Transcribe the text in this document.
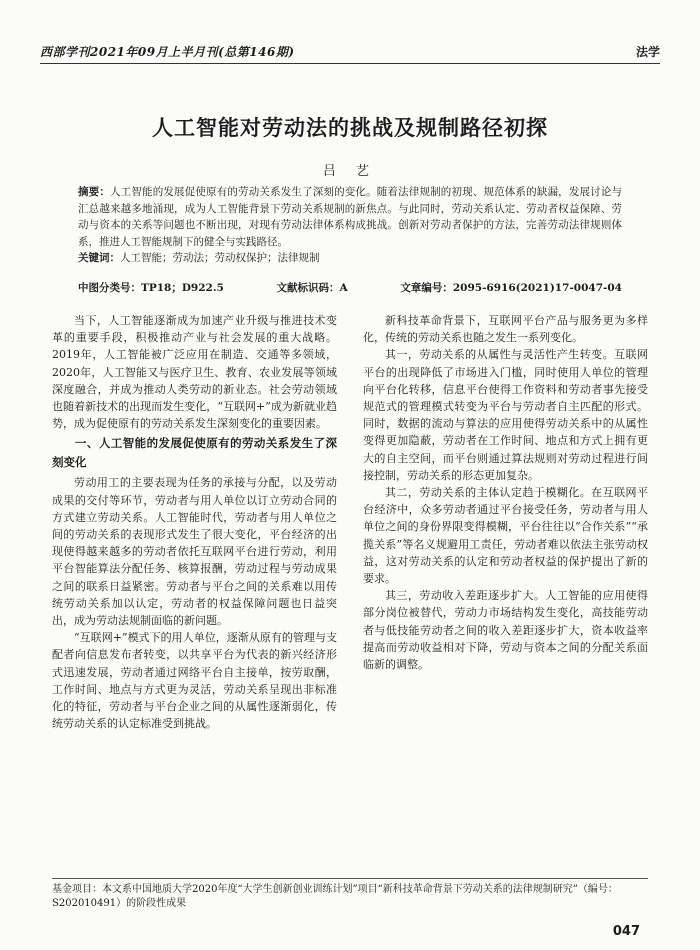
西部学刊2021年09月上半月刊(总第146期)	法学
人工智能对劳动法的挑战及规制路径初探
吕 艺
摘要：人工智能的发展促使原有的劳动关系发生了深刻的变化。随着法律规制的初现、规范体系的缺漏，发展讨论与汇总越来越多地涌现，成为人工智能背景下劳动关系规制的新焦点。与此同时，劳动关系认定、劳动者权益保障、劳动与资本的关系等问题也不断出现，对现有劳动法律体系构成挑战。创新对劳动者保护的方法，完善劳动法律规则体系，推进人工智能规制下的健全与实践路径。
关键词：人工智能；劳动法；劳动权保护；法律规制
中图分类号：TP18；D922.5	文献标识码：A	文章编号：2095-6916(2021)17-0047-04

当下，人工智能逐渐成为加速产业升级与推进技术变革的重要手段，积极推动产业与社会发展的重大战略。2019年，人工智能被广泛应用在制造、交通等多领域，2020年，人工智能又与医疗卫生、教育、农业发展等领域深度融合，并成为推动人类劳动的新业态。社会劳动领域也随着新技术的出现而发生变化，“互联网+”成为新就业趋势，成为促使原有的劳动关系发生深刻变化的重要因素。

一、人工智能的发展促使原有的劳动关系发生了深刻变化

劳动用工的主要表现为任务的承接与分配，以及劳动成果的交付等环节，劳动者与用人单位以订立劳动合同的方式建立劳动关系。人工智能时代，劳动者与用人单位之间的劳动关系的表现形式发生了很大变化，平台经济的出现使得越来越多的劳动者依托互联网平台进行劳动，利用平台智能算法分配任务、核算报酬，劳动过程与劳动成果之间的联系日益紧密。劳动者与平台之间的关系难以用传统劳动关系加以认定，劳动者的权益保障问题也日益突出，成为劳动法规制面临的新问题。

“互联网+”模式下的用人单位，逐渐从原有的管理与支配者向信息发布者转变，以共享平台为代表的新兴经济形式迅速发展，劳动者通过网络平台自主接单，按劳取酬，工作时间、地点与方式更为灵活，劳动关系呈现出非标准化的特征，劳动者与平台企业之间的从属性逐渐弱化，传统劳动关系的认定标准受到挑战。

新科技革命背景下，互联网平台产品与服务更为多样化，传统的劳动关系也随之发生一系列变化。

其一，劳动关系的从属性与灵活性产生转变。互联网平台的出现降低了市场进入门槛，同时使用人单位的管理向平台化转移，信息平台使得工作资料和劳动者事先接受规范式的管理模式转变为平台与劳动者自主匹配的形式。同时，数据的流动与算法的应用使得劳动关系中的从属性变得更加隐蔽，劳动者在工作时间、地点和方式上拥有更大的自主空间，而平台则通过算法规则对劳动过程进行间接控制，劳动关系的形态更加复杂。

其二，劳动关系的主体认定趋于模糊化。在互联网平台经济中，众多劳动者通过平台接受任务，劳动者与用人单位之间的身份界限变得模糊，平台往往以“合作关系”“承揽关系”等名义规避用工责任，劳动者难以依法主张劳动权益，这对劳动关系的认定和劳动者权益的保护提出了新的要求。

其三，劳动收入差距逐步扩大。人工智能的应用使得部分岗位被替代，劳动力市场结构发生变化，高技能劳动者与低技能劳动者之间的收入差距逐步扩大，资本收益率提高而劳动收益相对下降，劳动与资本之间的分配关系面临新的调整。

基金项目：本文系中国地质大学2020年度“大学生创新创业训练计划”项目“新科技革命背景下劳动关系的法律规制研究”（编号：S202010491）的阶段性成果
047
